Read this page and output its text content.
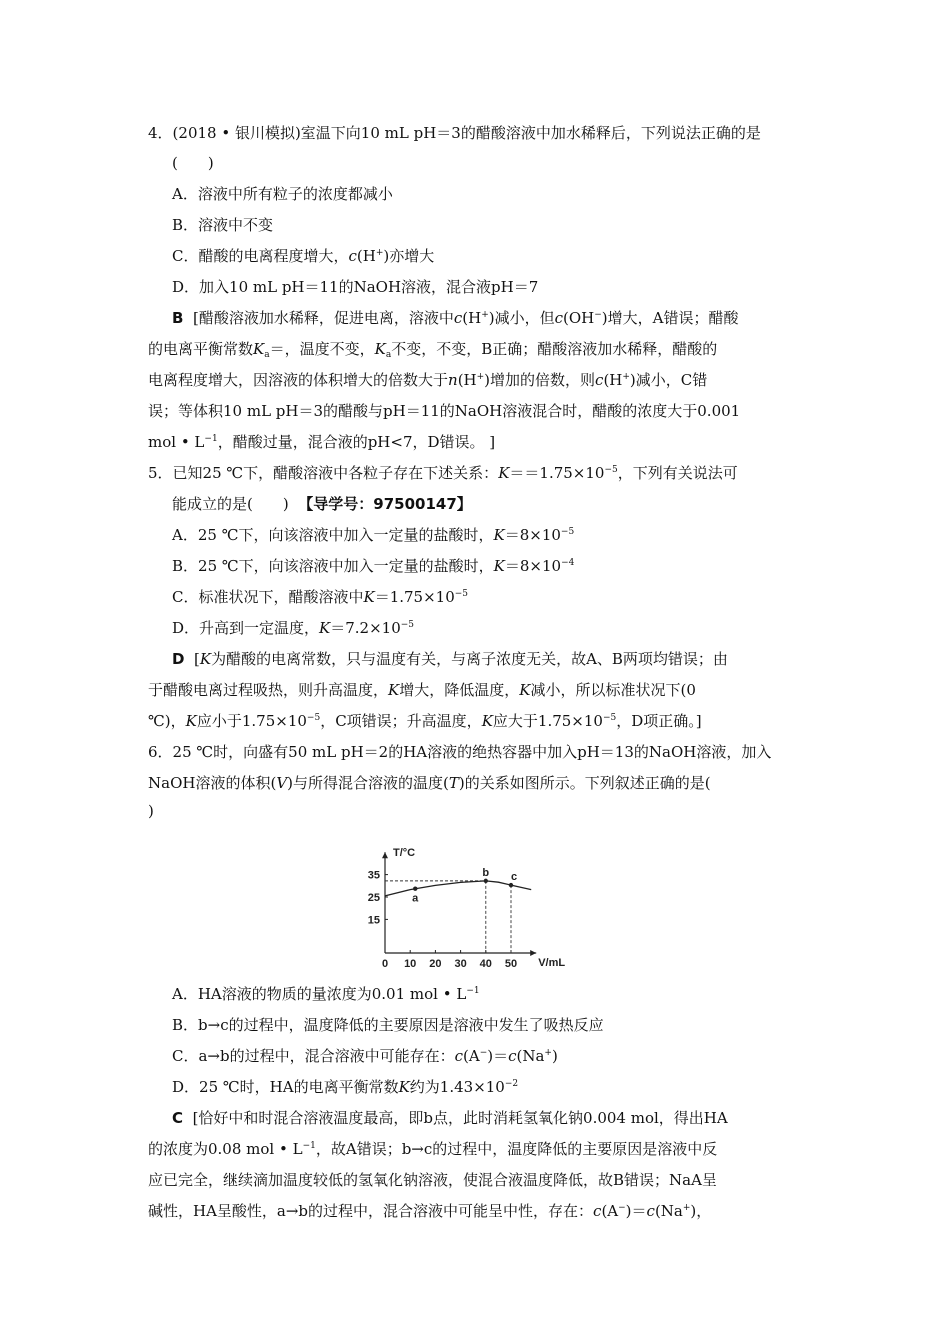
4．(2018 • 银川模拟)室温下向10 mL pH＝3的醋酸溶液中加水稀释后，下列说法正确的是
(　　)
A．溶液中所有粒子的浓度都减小
B．溶液中不变
C．醋酸的电离程度增大，c(H+)亦增大
D．加入10 mL pH＝11的NaOH溶液，混合液pH＝7
B [醋酸溶液加水稀释，促进电离，溶液中c(H+)减小，但c(OH−)增大，A错误；醋酸
的电离平衡常数$K_a=$，温度不变，$K_a$不变，不变，B正确；醋酸溶液加水稀释，醋酸的
电离程度增大，因溶液的体积增大的倍数大于n(H+)增加的倍数，则c(H+)减小，C错
误；等体积10 mL pH＝3的醋酸与pH＝11的NaOH溶液混合时，醋酸的浓度大于0.001
mol • $L^{-1}$，醋酸过量，混合液的pH<7，D错误。 ]
5．已知25 ℃下，醋酸溶液中各粒子存在下述关系：$K==1.75\times 10^{-5}$，下列有关说法可
能成立的是(　　) 【导学号：97500147】
A．25 ℃下，向该溶液中加入一定量的盐酸时，$K=8\times 10^{-5}$
B．25 ℃下，向该溶液中加入一定量的盐酸时，$K=8\times 10^{-4}$
C．标准状况下，醋酸溶液中$K=1.75\times 10^{-5}$
D．升高到一定温度，$K=7.2\times 10^{-5}$
D [K为醋酸的电离常数，只与温度有关，与离子浓度无关，故A、B两项均错误；由
于醋酸电离过程吸热，则升高温度，K增大，降低温度，K减小，所以标准状况下(0
℃)，K应小于$1.75\times 10^{-5}$，C项错误；升高温度，K应大于$1.75\times 10^{-5}$，D项正确。]
6．25 ℃时，向盛有50 mL pH＝2的HA溶液的绝热容器中加入pH＝13的NaOH溶液，加入
NaOH溶液的体积(V)与所得混合溶液的温度(T)的关系如图所示。下列叙述正确的是(
)
T/°C
V/mL
0 10 20 30 40 50
15
25
35
a
b c
A．HA溶液的物质的量浓度为0.01 mol • $L^{-1}$
B．b→c的过程中，温度降低的主要原因是溶液中发生了吸热反应
C．a→b的过程中，混合溶液中可能存在：c(A−)＝c(Na+)
D．25 ℃时，HA的电离平衡常数K约为$1.43\times 10^{-2}$
C [恰好中和时混合溶液温度最高，即b点，此时消耗氢氧化钠0.004 mol，得出HA
的浓度为0.08 mol • $L^{-1}$，故A错误；b→c的过程中，温度降低的主要原因是溶液中反
应已完全，继续滴加温度较低的氢氧化钠溶液，使混合液温度降低，故B错误；NaA呈
碱性，HA呈酸性，a→b的过程中，混合溶液中可能呈中性，存在：c(A−)＝c(Na+)，
